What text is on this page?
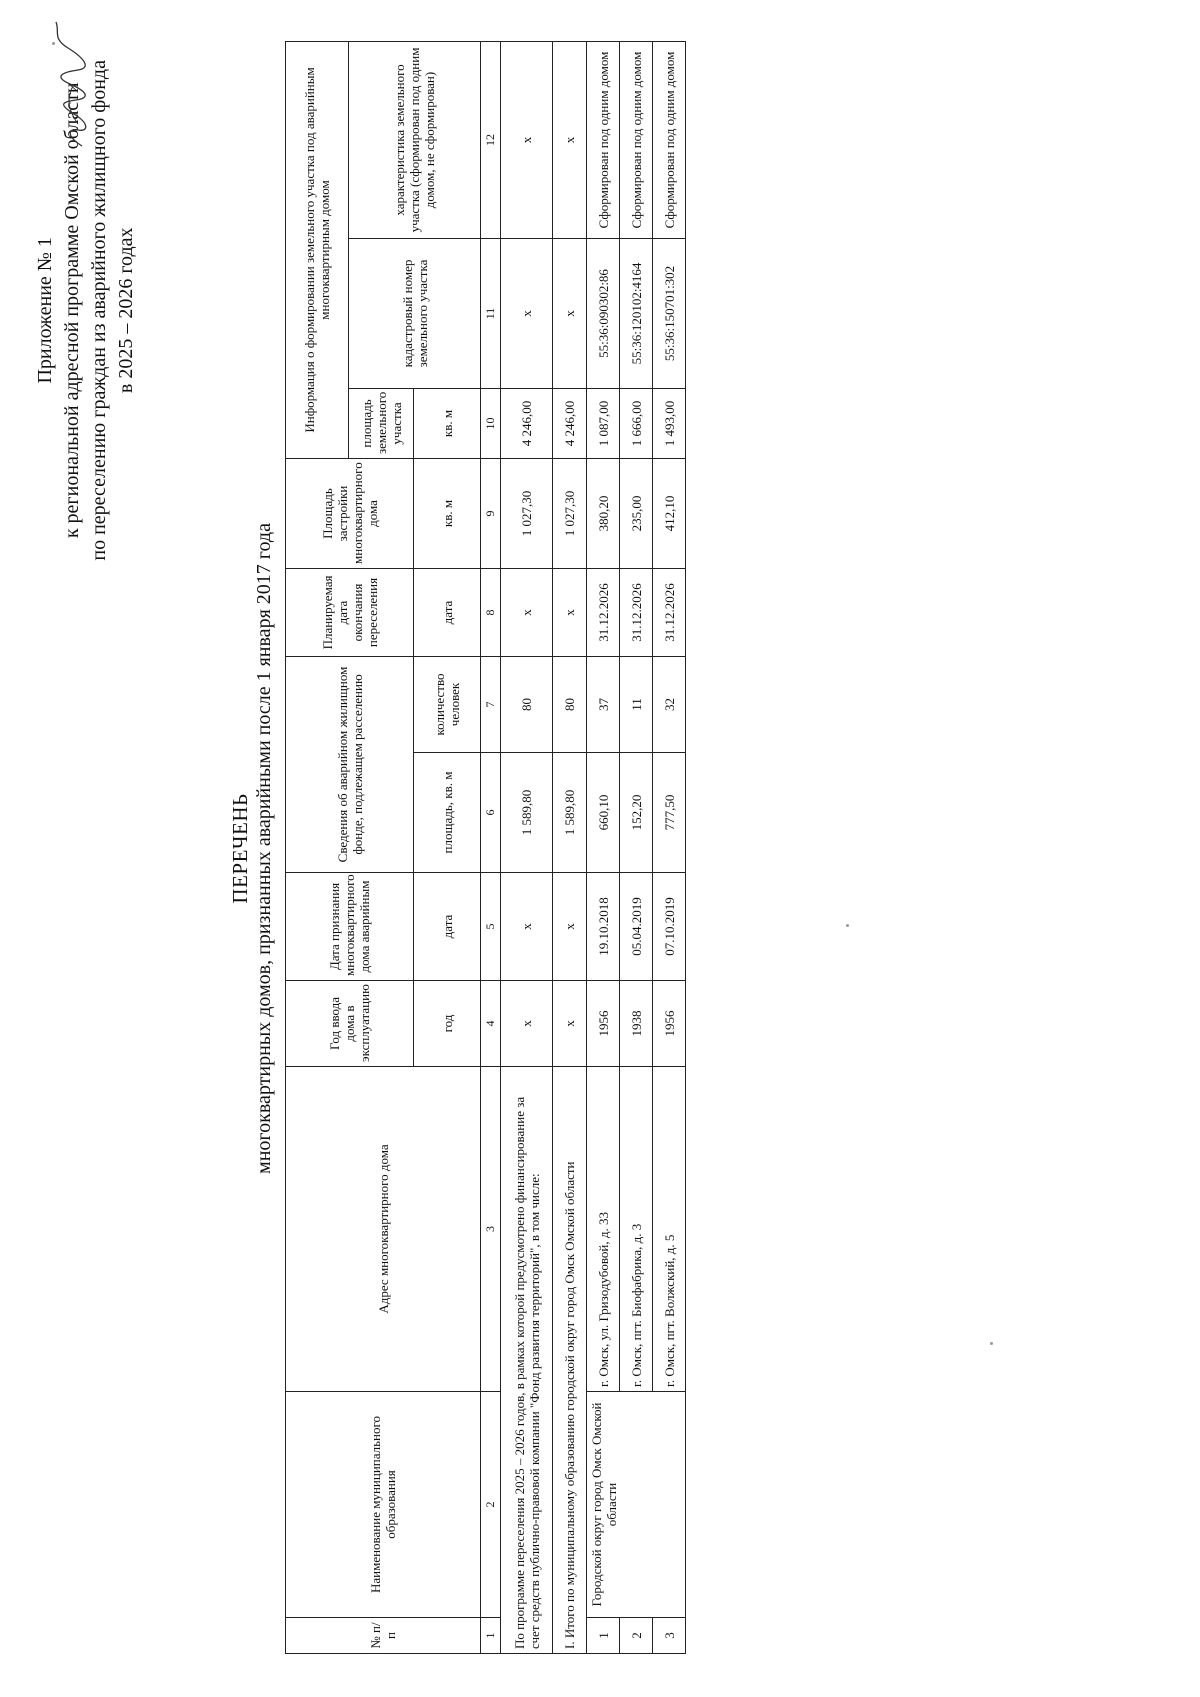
Приложение № 1 к региональной адресной программе Омской области по переселению граждан из аварийного жилищного фонда в 2025 – 2026 годах
ПЕРЕЧЕНЬ многоквартирных домов, признанных аварийными после 1 января 2017 года
№ п/п	Наименование муниципального образования	Адрес многоквартирного дома	Год ввода дома в эксплуатацию	Дата признания многоквартирного дома аварийным	Сведения об аварийном жилищном фонде, подлежащем расселению		Планируемая дата окончания переселения	Площадь застройки многоквартирного дома	Информация о формировании земельного участка под аварийным многоквартирным домом		
									площадь земельного участка	кадастровый номер земельного участка	характеристика земельного участка (сформирован под одним домом, не сформирован)
			год	дата	площадь, кв. м	количество человек	дата	кв. м	кв. м		
1	2	3	4	5	6	7	8	9	10	11	12
По программе переселения 2025 – 2026 годов, в рамках которой предусмотрено финансирование за счет средств публично-правовой компании "Фонд развития территорий", в том числе:			х	х	1 589,80	80	х	1 027,30	4 246,00	х	х
I. Итого по муниципальному образованию городской округ город Омск Омской области			х	х	1 589,80	80	х	1 027,30	4 246,00	х	х
1	Городской округ город Омск Омской области	г. Омск, ул. Гризодубовой, д. 33	1956	19.10.2018	660,10	37	31.12.2026	380,20	1 087,00	55:36:090302:86	Сформирован под одним домом
2		г. Омск, пгт. Биофабрика, д. 3	1938	05.04.2019	152,20	11	31.12.2026	235,00	1 666,00	55:36:120102:4164	Сформирован под одним домом
3		г. Омск, пгт. Волжский, д. 5	1956	07.10.2019	777,50	32	31.12.2026	412,10	1 493,00	55:36:150701:302	Сформирован под одним домом
